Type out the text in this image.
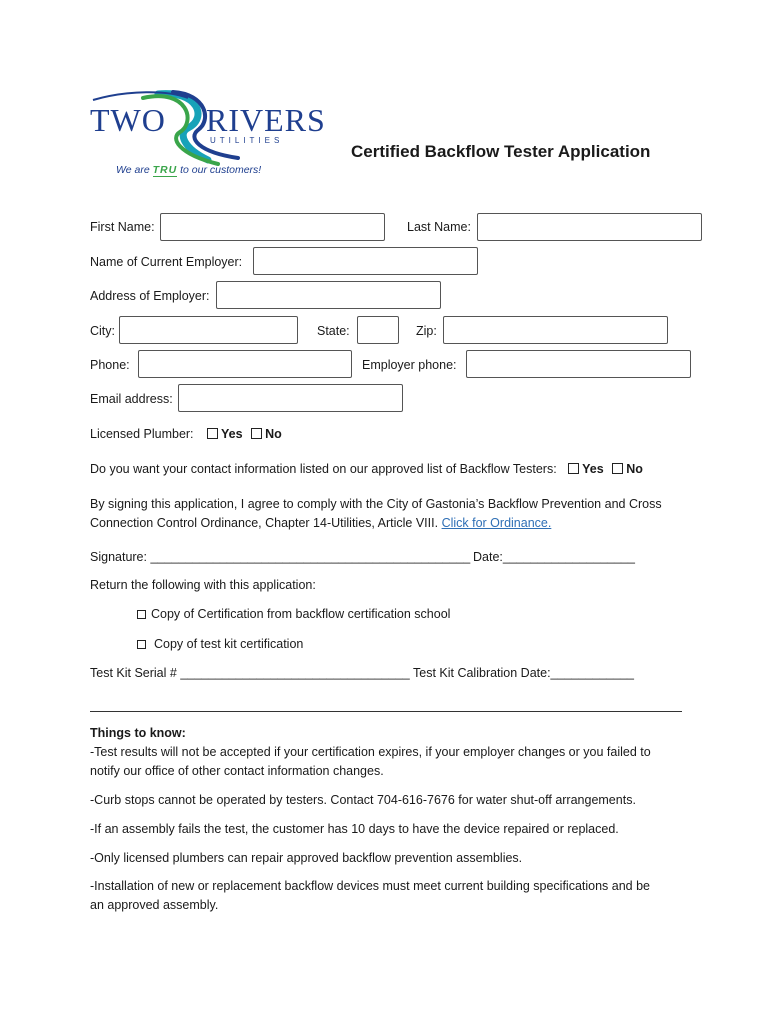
TWO RIVERS
UTILITIES
We are TRU to our customers!
Certified Backflow Tester Application
First Name:	Last Name:
Name of Current Employer:
Address of Employer:
City:	State:	Zip:
Phone:	Employer phone:
Email address:
Licensed Plumber: Yes No
Do you want your contact information listed on our approved list of Backflow Testers: Yes No
By signing this application, I agree to comply with the City of Gastonia’s Backflow Prevention and Cross
Connection Control Ordinance, Chapter 14-Utilities, Article VIII. Click for Ordinance.
Signature: ______________________________________________ Date:___________________
Return the following with this application:
Copy of Certification from backflow certification school
Copy of test kit certification
Test Kit Serial # _________________________________ Test Kit Calibration Date:____________
Things to know:
-Test results will not be accepted if your certification expires, if your employer changes or you failed to
notify our office of other contact information changes.
-Curb stops cannot be operated by testers. Contact 704-616-7676 for water shut-off arrangements.
-If an assembly fails the test, the customer has 10 days to have the device repaired or replaced.
-Only licensed plumbers can repair approved backflow prevention assemblies.
-Installation of new or replacement backflow devices must meet current building specifications and be
an approved assembly.
